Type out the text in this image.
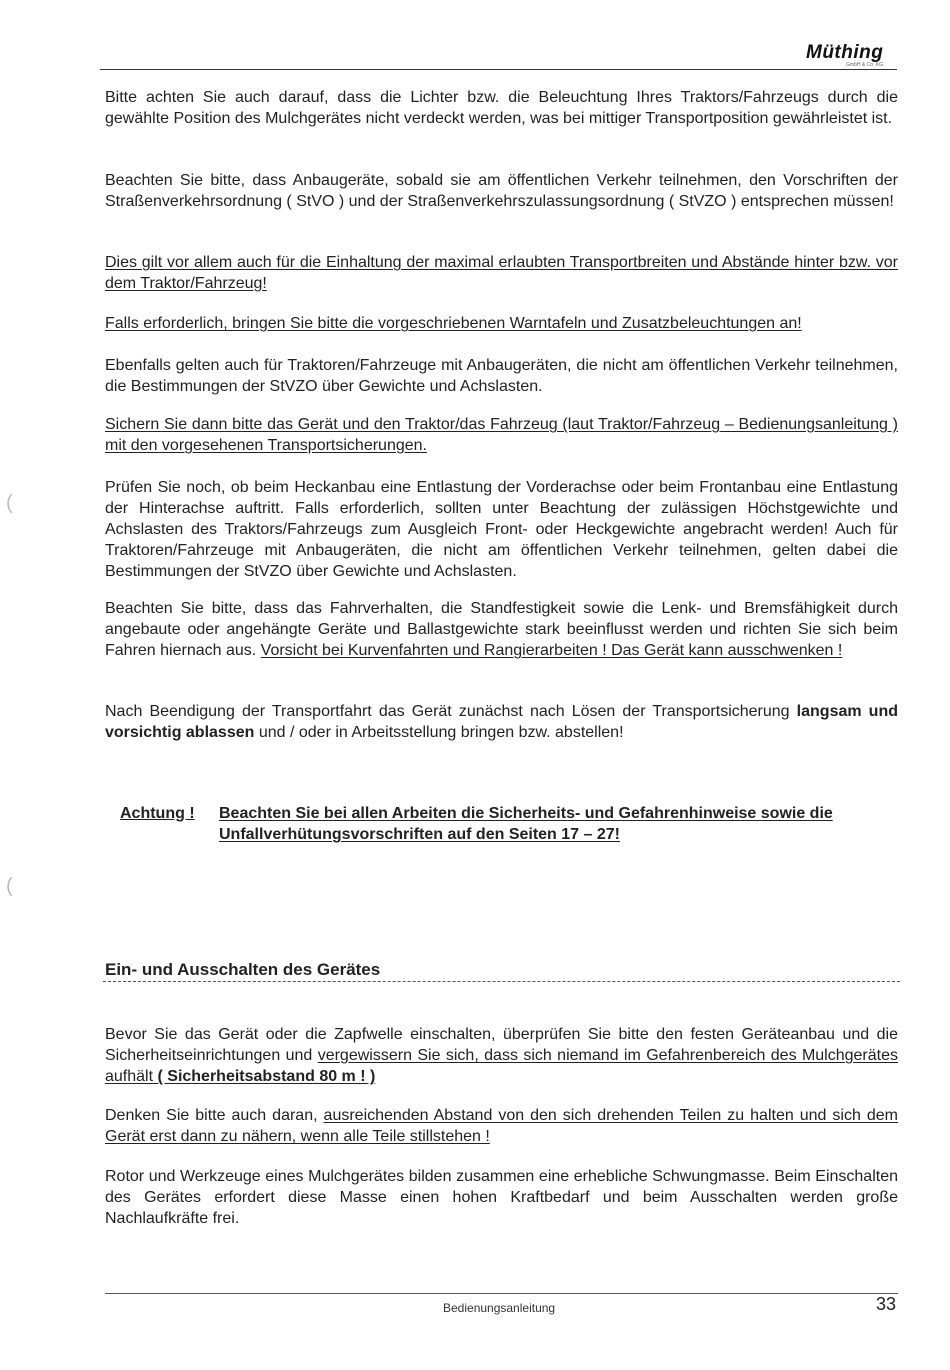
Müthing
GmbH & Co. KG

Bitte achten Sie auch darauf, dass die Lichter bzw. die Beleuchtung Ihres Traktors/Fahrzeugs durch die gewählte Position des Mulchgerätes nicht verdeckt werden, was bei mittiger Transportposition gewährleistet ist.

Beachten Sie bitte, dass Anbaugeräte, sobald sie am öffentlichen Verkehr teilnehmen, den Vorschriften der Straßenverkehrsordnung ( StVO ) und der Straßenverkehrszulassungsordnung ( StVZO ) entsprechen müssen!

Dies gilt vor allem auch für die Einhaltung der maximal erlaubten Transportbreiten und Abstände hinter bzw. vor dem Traktor/Fahrzeug!

Falls erforderlich, bringen Sie bitte die vorgeschriebenen Warntafeln und Zusatzbeleuchtungen an!

Ebenfalls gelten auch für Traktoren/Fahrzeuge mit Anbaugeräten, die nicht am öffentlichen Verkehr teilnehmen, die Bestimmungen der StVZO über Gewichte und Achslasten.

Sichern Sie dann bitte das Gerät und den Traktor/das Fahrzeug (laut Traktor/Fahrzeug – Bedienungsanleitung ) mit den vorgesehenen Transportsicherungen.

Prüfen Sie noch, ob beim Heckanbau eine Entlastung der Vorderachse oder beim Frontanbau eine Entlastung der Hinterachse auftritt. Falls erforderlich, sollten unter Beachtung der zulässigen Höchstgewichte und Achslasten des Traktors/Fahrzeugs zum Ausgleich Front- oder Heckgewichte angebracht werden! Auch für Traktoren/Fahrzeuge mit Anbaugeräten, die nicht am öffentlichen Verkehr teilnehmen, gelten dabei die Bestimmungen der StVZO über Gewichte und Achslasten.

Beachten Sie bitte, dass das Fahrverhalten, die Standfestigkeit sowie die Lenk- und Bremsfähigkeit durch angebaute oder angehängte Geräte und Ballastgewichte stark beeinflusst werden und richten Sie sich beim Fahren hiernach aus. Vorsicht bei Kurvenfahrten und Rangierarbeiten ! Das Gerät kann ausschwenken !

Nach Beendigung der Transportfahrt das Gerät zunächst nach Lösen der Transportsicherung langsam und vorsichtig ablassen und / oder in Arbeitsstellung bringen bzw. abstellen!

Achtung ! Beachten Sie bei allen Arbeiten die Sicherheits- und Gefahrenhinweise sowie die Unfallverhütungsvorschriften auf den Seiten 17 – 27!
Ein- und Ausschalten des Gerätes

Bevor Sie das Gerät oder die Zapfwelle einschalten, überprüfen Sie bitte den festen Geräteanbau und die Sicherheitseinrichtungen und vergewissern Sie sich, dass sich niemand im Gefahrenbereich des Mulchgerätes aufhält ( Sicherheitsabstand 80 m ! )

Denken Sie bitte auch daran, ausreichenden Abstand von den sich drehenden Teilen zu halten und sich dem Gerät erst dann zu nähern, wenn alle Teile stillstehen !

Rotor und Werkzeuge eines Mulchgerätes bilden zusammen eine erhebliche Schwungmasse. Beim Einschalten des Gerätes erfordert diese Masse einen hohen Kraftbedarf und beim Ausschalten werden große Nachlaufkräfte frei.

Bedienungsanleitung	33
(
(
